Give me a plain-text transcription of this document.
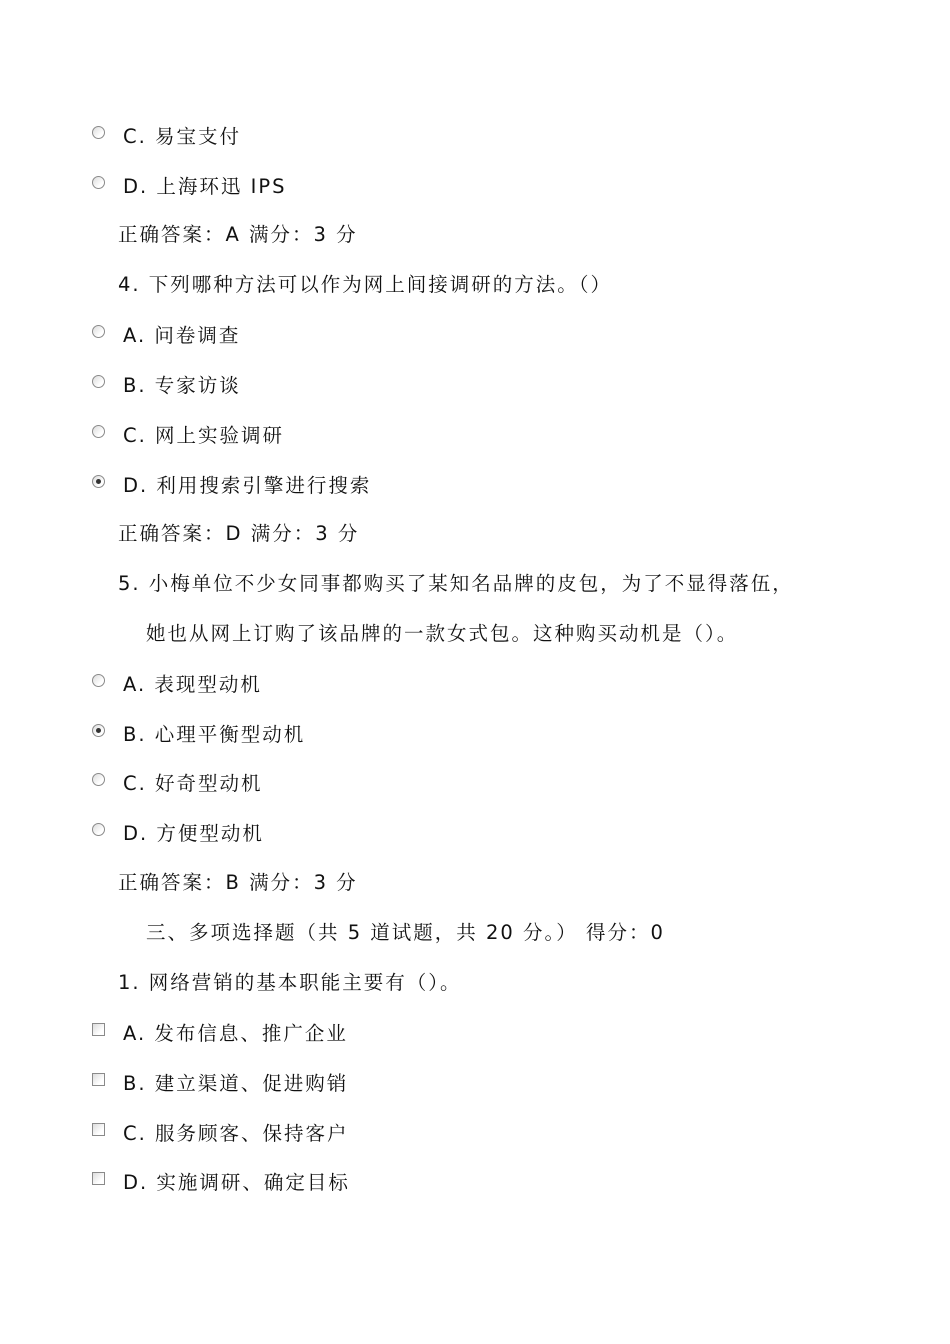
C. 易宝支付
D. 上海环迅 IPS
正确答案：A 满分：3 分
4. 下列哪种方法可以作为网上间接调研的方法。（）
A. 问卷调查
B. 专家访谈
C. 网上实验调研
D. 利用搜索引擎进行搜索
正确答案：D 满分：3 分
5. 小梅单位不少女同事都购买了某知名品牌的皮包，为了不显得落伍，
她也从网上订购了该品牌的一款女式包。这种购买动机是（）。
A. 表现型动机
B. 心理平衡型动机
C. 好奇型动机
D. 方便型动机
正确答案：B 满分：3 分
三、多项选择题（共 5 道试题，共 20 分。） 得分：0
1. 网络营销的基本职能主要有（）。
A. 发布信息、推广企业
B. 建立渠道、促进购销
C. 服务顾客、保持客户
D. 实施调研、确定目标
